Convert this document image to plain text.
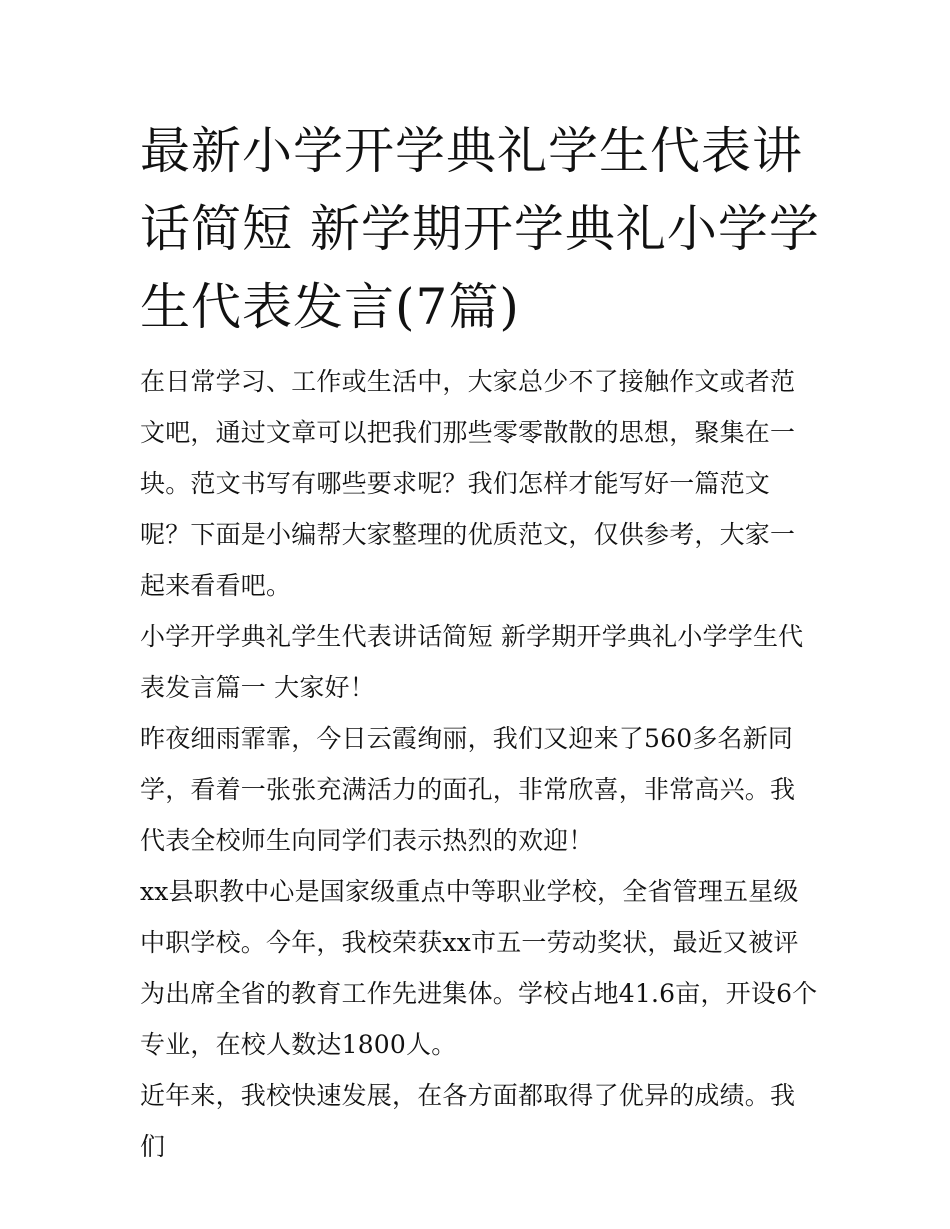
最新小学开学典礼学生代表讲话简短 新学期开学典礼小学学生代表发言(7篇)

在日常学习、工作或生活中，大家总少不了接触作文或者范文吧，通过文章可以把我们那些零零散散的思想，聚集在一块。范文书写有哪些要求呢？我们怎样才能写好一篇范文呢？下面是小编帮大家整理的优质范文，仅供参考，大家一起来看看吧。

小学开学典礼学生代表讲话简短 新学期开学典礼小学学生代表发言篇一 大家好！

昨夜细雨霏霏，今日云霞绚丽，我们又迎来了560多名新同学，看着一张张充满活力的面孔，非常欣喜，非常高兴。我代表全校师生向同学们表示热烈的欢迎！

xx县职教中心是国家级重点中等职业学校，全省管理五星级中职学校。今年，我校荣获xx市五一劳动奖状，最近又被评为出席全省的教育工作先进集体。学校占地41.6亩，开设6个专业，在校人数达1800人。

近年来，我校快速发展，在各方面都取得了优异的成绩。我们
